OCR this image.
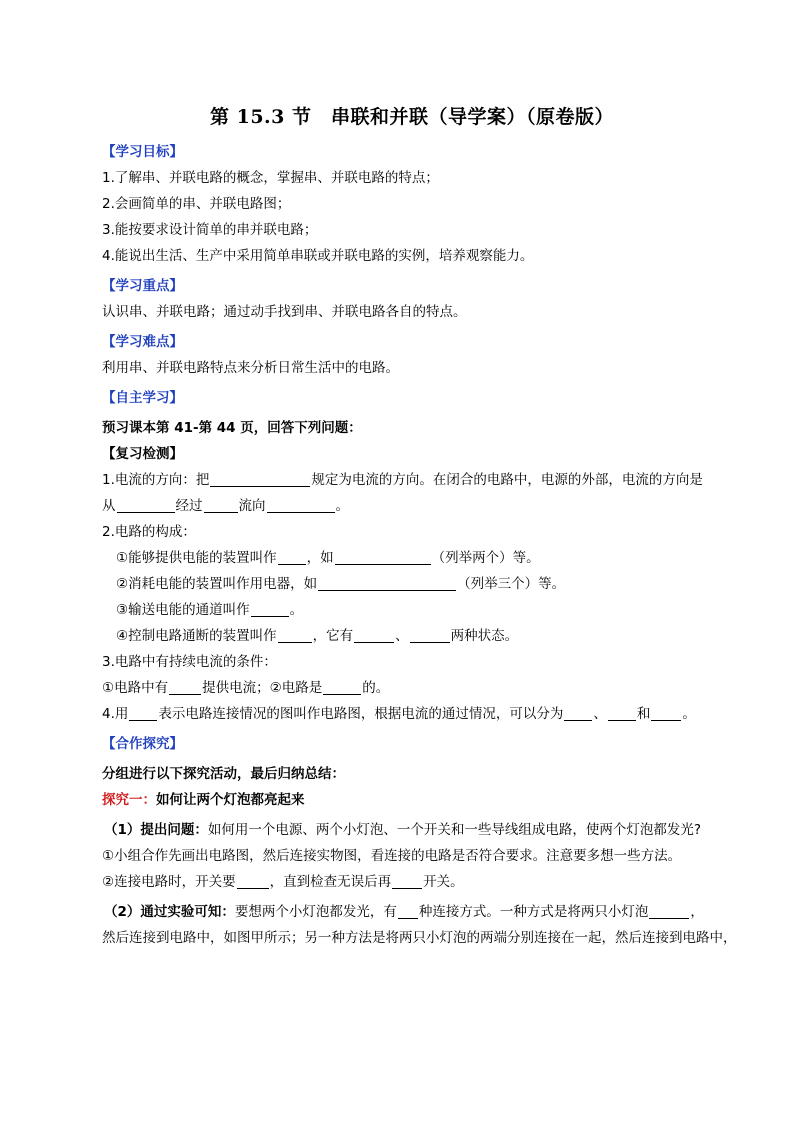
第 15.3 节　串联和并联（导学案）（原卷版）
【学习目标】
1.了解串、并联电路的概念，掌握串、并联电路的特点；
2.会画简单的串、并联电路图；
3.能按要求设计简单的串并联电路；
4.能说出生活、生产中采用简单串联或并联电路的实例，培养观察能力。
【学习重点】
认识串、并联电路；通过动手找到串、并联电路各自的特点。
【学习难点】
利用串、并联电路特点来分析日常生活中的电路。
【自主学习】
预习课本第 41-第 44 页，回答下列问题：
【复习检测】
1.电流的方向：把	规定为电流的方向。在闭合的电路中，电源的外部，电流的方向是
从	经过	流向	。
2.电路的构成：
①能够提供电能的装置叫作 ，如	（列举两个）等。
②消耗电能的装置叫作用电器，如	（列举三个）等。
③输送电能的通道叫作	。
④控制电路通断的装置叫作	，它有	、	两种状态。
3.电路中有持续电流的条件：
①电路中有	提供电流；②电路是	的。
4.用 表示电路连接情况的图叫作电路图，根据电流的通过情况，可以分为 、 和 。
【合作探究】
分组进行以下探究活动，最后归纳总结：
探究一：如何让两个灯泡都亮起来
（1）提出问题：如何用一个电源、两个小灯泡、一个开关和一些导线组成电路，使两个灯泡都发光?
①小组合作先画出电路图，然后连接实物图，看连接的电路是否符合要求。注意要多想一些方法。
②连接电路时，开关要	，直到检查无误后再 开关。
（2）通过实验可知：要想两个小灯泡都发光，有 种连接方式。一种方式是将两只小灯泡	，
然后连接到电路中，如图甲所示；另一种方法是将两只小灯泡的两端分别连接在一起，然后连接到电路中，
